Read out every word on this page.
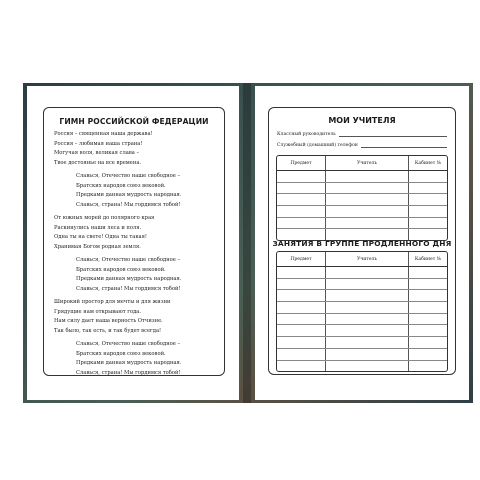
ГИМН РОССИЙСКОЙ ФЕДЕРАЦИИ
Россия – священная наша держава!
Россия – любимая наша страна!
Могучая воля, великая слава –
Твое достоянье на все времена.
Славься, Отечество наше свободное –
Братских народов союз вековой.
Предками данная мудрость народная.
Славься, страна! Мы гордимся тобой!
От южных морей до полярного края
Раскинулись наши леса и поля.
Одна ты на свете! Одна ты такая!
Хранимая Богом родная земля.
Славься, Отечество наше свободное –
Братских народов союз вековой.
Предками данная мудрость народная.
Славься, страна! Мы гордимся тобой!
Широкий простор для мечты и для жизни
Грядущие нам открывают года.
Нам силу дает наша верность Отчизне.
Так было, так есть, и так будет всегда!
Славься, Отечество наше свободное –
Братских народов союз вековой.
Предками данная мудрость народная.
Славься, страна! Мы гордимся тобой!
МОИ УЧИТЕЛЯ
Классный руководитель
Служебный (домашний) телефон
Предмет	Учитель	Кабинет №
ЗАНЯТИЯ В ГРУППЕ ПРОДЛЕННОГО ДНЯ
Предмет	Учитель	Кабинет №
